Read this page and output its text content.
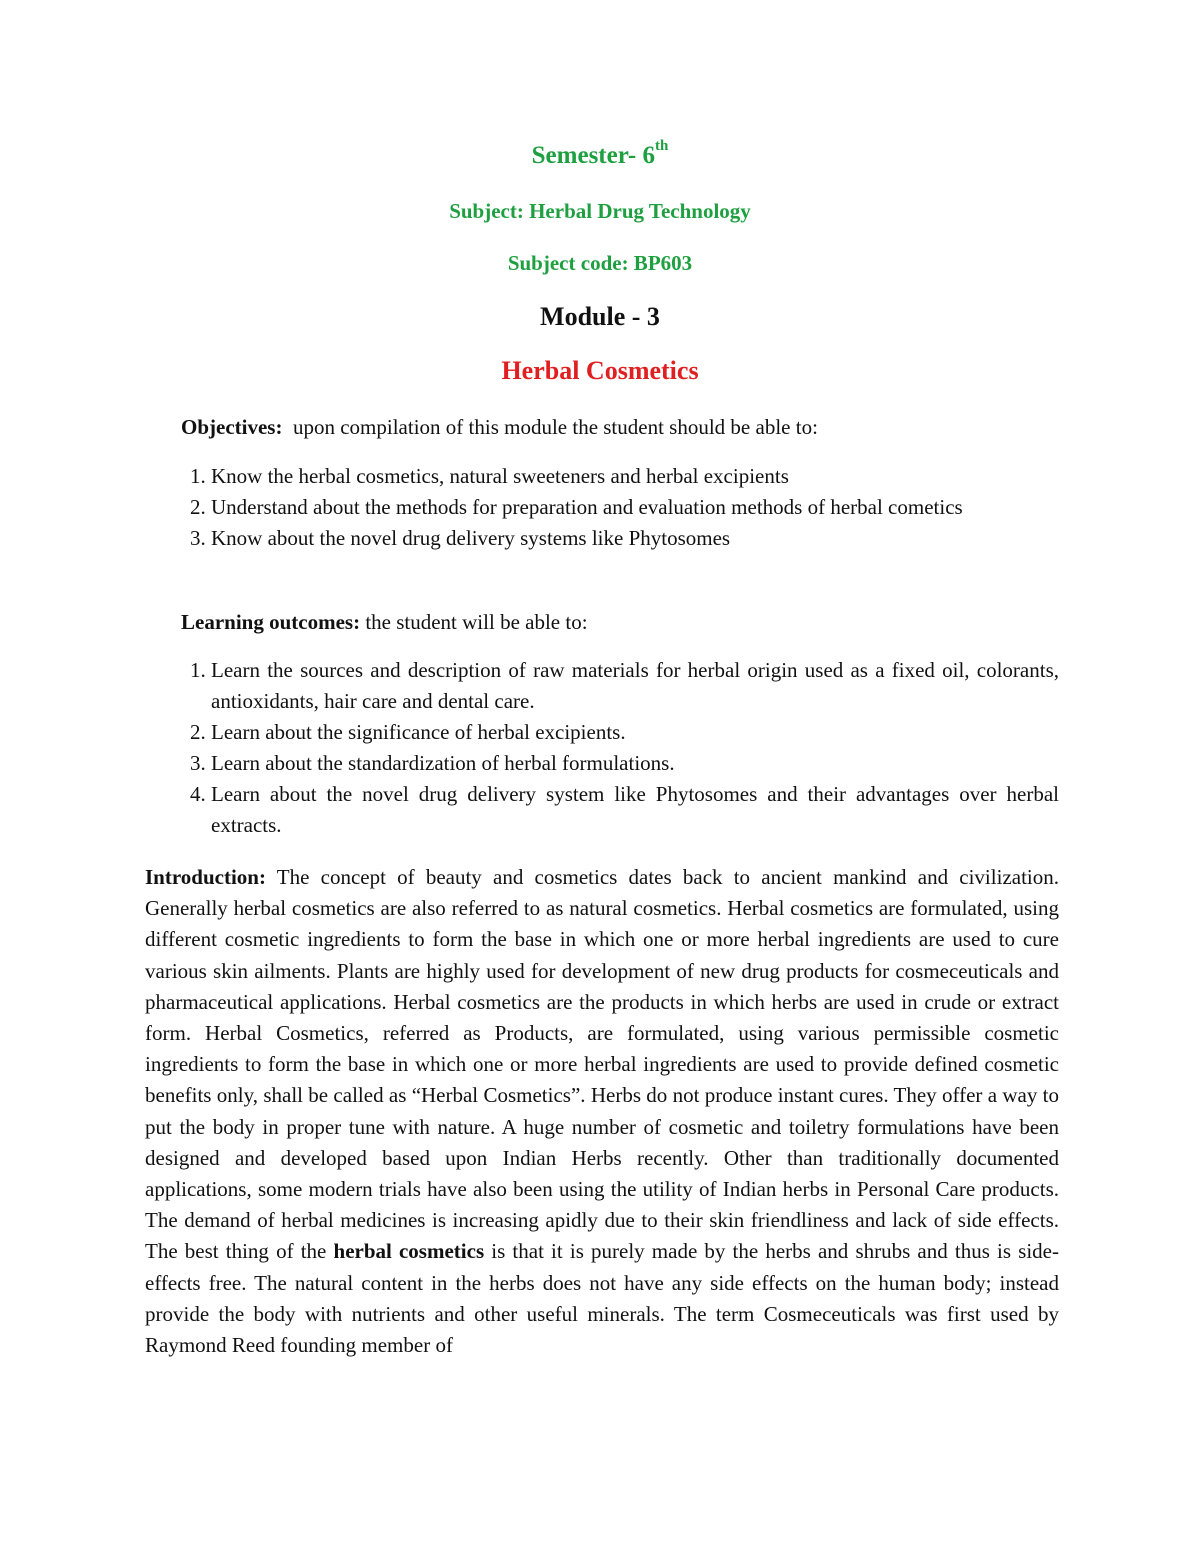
Semester- 6th
Subject: Herbal Drug Technology
Subject code: BP603
Module - 3
Herbal Cosmetics
Objectives:  upon compilation of this module the student should be able to:
1. Know the herbal cosmetics, natural sweeteners and herbal excipients
2. Understand about the methods for preparation and evaluation methods of herbal cometics
3. Know about the novel drug delivery systems like Phytosomes
Learning outcomes: the student will be able to:
1. Learn the sources and description of raw materials for herbal origin used as a fixed oil, colorants, antioxidants, hair care and dental care.
2. Learn about the significance of herbal excipients.
3. Learn about the standardization of herbal formulations.
4. Learn about the novel drug delivery system like Phytosomes and their advantages over herbal extracts.
Introduction: The concept of beauty and cosmetics dates back to ancient mankind and civilization. Generally herbal cosmetics are also referred to as natural cosmetics. Herbal cosmetics are formulated, using different cosmetic ingredients to form the base in which one or more herbal ingredients are used to cure various skin ailments. Plants are highly used for development of new drug products for cosmeceuticals and pharmaceutical applications. Herbal cosmetics are the products in which herbs are used in crude or extract form. Herbal Cosmetics, referred as Products, are formulated, using various permissible cosmetic ingredients to form the base in which one or more herbal ingredients are used to provide defined cosmetic benefits only, shall be called as “Herbal Cosmetics”. Herbs do not produce instant cures. They offer a way to put the body in proper tune with nature. A huge number of cosmetic and toiletry formulations have been designed and developed based upon Indian Herbs recently. Other than traditionally documented applications, some modern trials have also been using the utility of Indian herbs in Personal Care products. The demand of herbal medicines is increasing apidly due to their skin friendliness and lack of side effects. The best thing of the herbal cosmetics is that it is purely made by the herbs and shrubs and thus is side-effects free. The natural content in the herbs does not have any side effects on the human body; instead provide the body with nutrients and other useful minerals. The term Cosmeceuticals was first used by Raymond Reed founding member of
